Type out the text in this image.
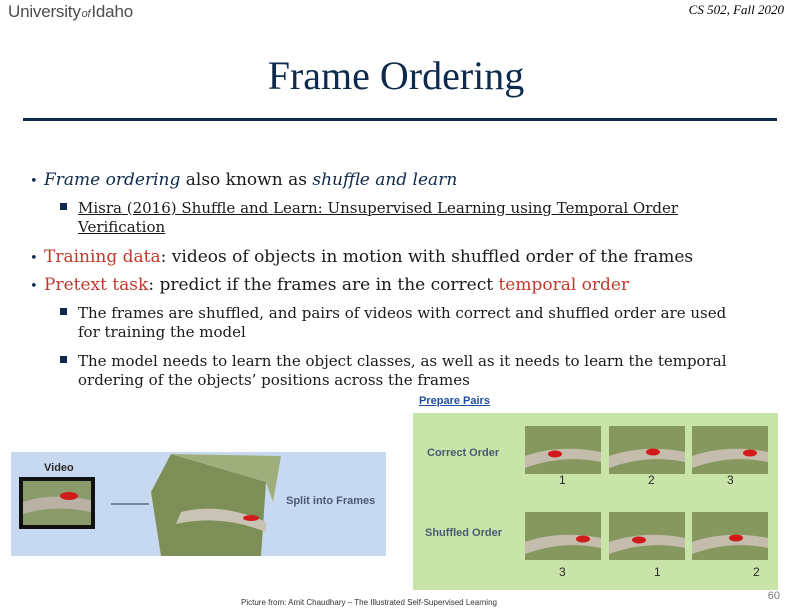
UniversityofIdaho	CS 502, Fall 2020
Frame Ordering
• Frame ordering also known as shuffle and learn
Misra (2016) Shuffle and Learn: Unsupervised Learning using Temporal Order Verification
• Training data: videos of objects in motion with shuffled order of the frames
• Pretext task: predict if the frames are in the correct temporal order
The frames are shuffled, and pairs of videos with correct and shuffled order are used for training the model
The model needs to learn the object classes, as well as it needs to learn the temporal ordering of the objects’ positions across the frames
Video
Split into Frames
Prepare Pairs
Correct Order
Shuffled Order
1	2	3
3	1	2
Picture from: Amit Chaudhary – The Illustrated Self-Supervised Learning
60
